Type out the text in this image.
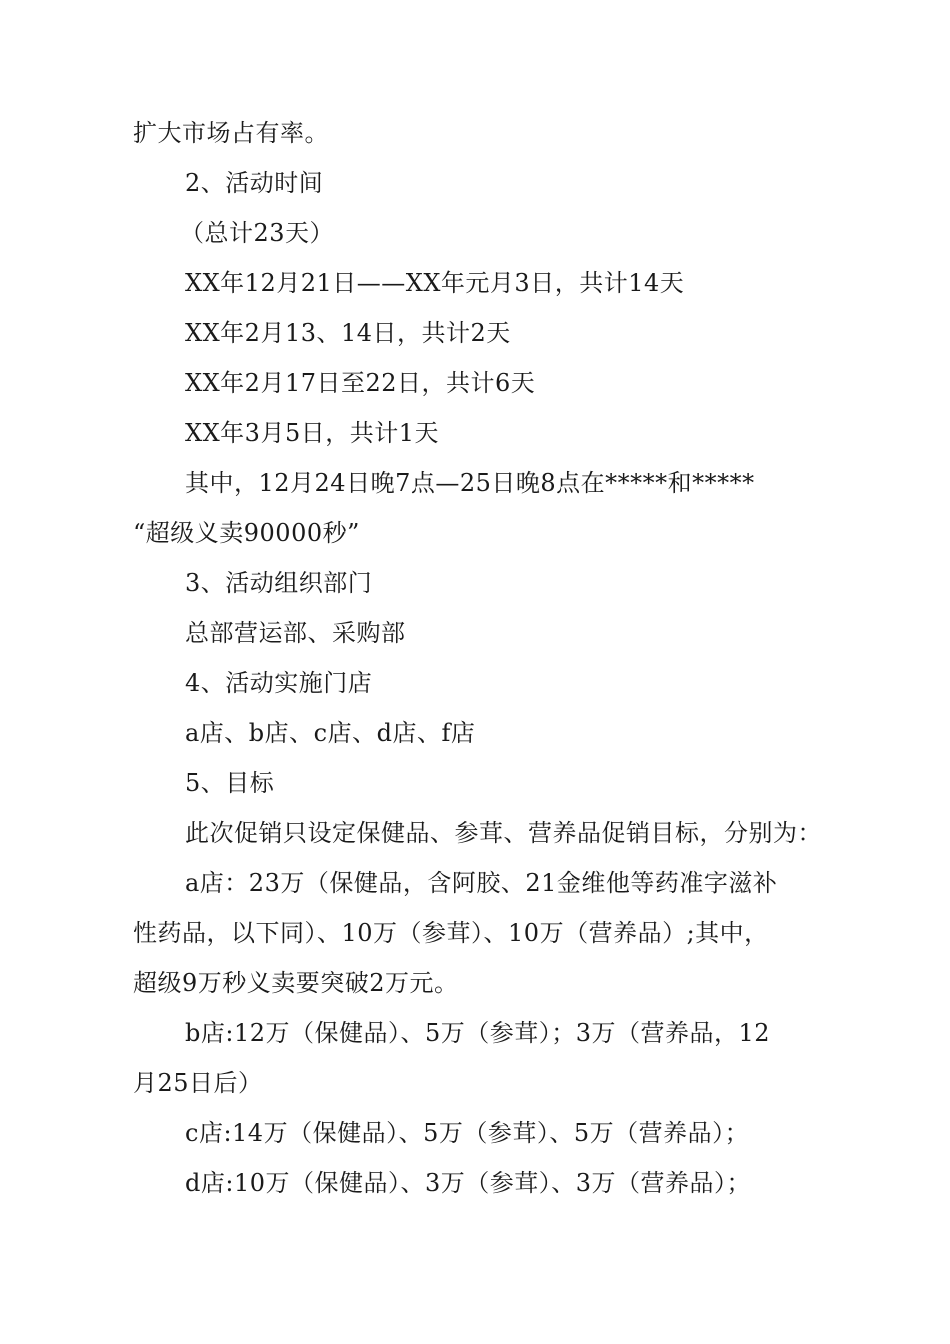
扩大市场占有率。
2、活动时间
（总计23天）
XX年12月21日——XX年元月3日，共计14天
XX年2月13、14日，共计2天
XX年2月17日至22日，共计6天
XX年3月5日，共计1天
其中，12月24日晚7点—25日晚8点在*****和*****
“超级义卖90000秒”
3、活动组织部门
总部营运部、采购部
4、活动实施门店
a店、b店、c店、d店、f店
5、目标
此次促销只设定保健品、参茸、营养品促销目标，分别为：
a店：23万（保健品，含阿胶、21金维他等药准字滋补
性药品，以下同）、10万（参茸）、10万（营养品）;其中，
超级9万秒义卖要突破2万元。
b店:12万（保健品）、5万（参茸）；3万（营养品，12
月25日后）
c店:14万（保健品）、5万（参茸）、5万（营养品）；
d店:10万（保健品）、3万（参茸）、3万（营养品）；
